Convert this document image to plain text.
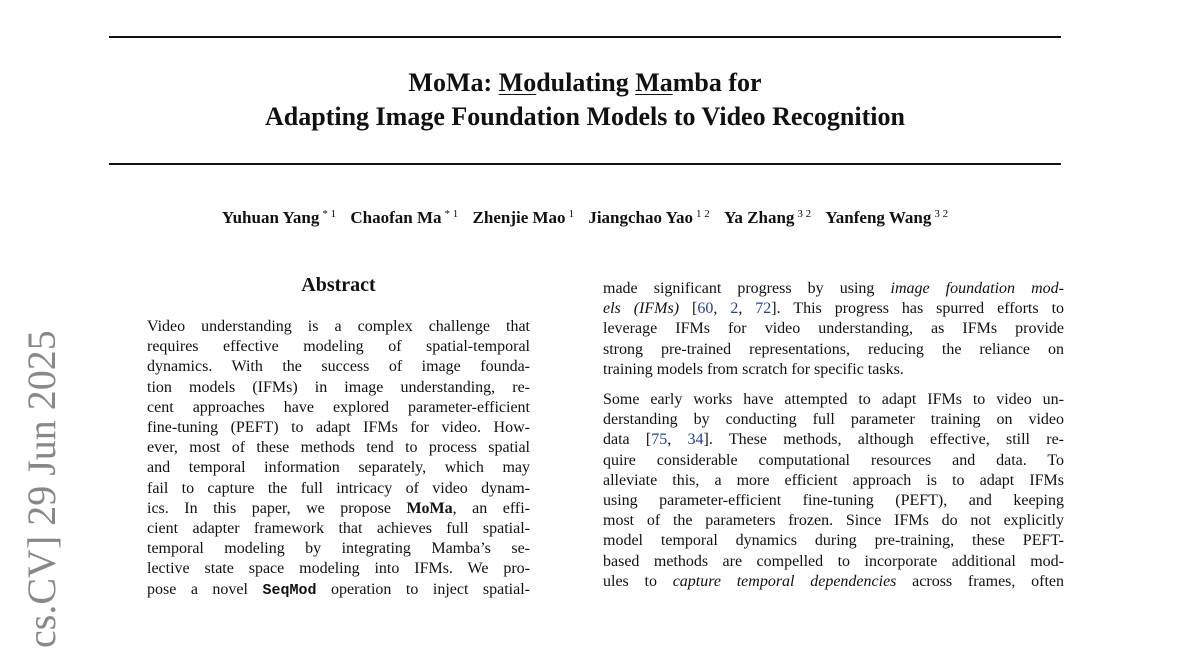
MoMa: Modulating Mamba for
Adapting Image Foundation Models to Video Recognition
Yuhuan Yang $^{* 1}$ Chaofan Ma $^{* 1}$ Zhenjie Mao $^1$ Jiangchao Yao $^{1 2}$ Ya Zhang $^{3 2}$ Yanfeng Wang $^{3 2}$
cs.CV] 29 Jun 2025
Abstract
Video understanding is a complex challenge that
requires effective modeling of spatial-temporal
dynamics. With the success of image founda-
tion models (IFMs) in image understanding, re-
cent approaches have explored parameter-efficient
fine-tuning (PEFT) to adapt IFMs for video. How-
ever, most of these methods tend to process spatial
and temporal information separately, which may
fail to capture the full intricacy of video dynam-
ics. In this paper, we propose MoMa, an effi-
cient adapter framework that achieves full spatial-
temporal modeling by integrating Mamba’s se-
lective state space modeling into IFMs. We pro-
pose a novel SeqMod operation to inject spatial-

made significant progress by using image foundation mod-
els (IFMs) [60, 2, 72]. This progress has spurred efforts to
leverage IFMs for video understanding, as IFMs provide
strong pre-trained representations, reducing the reliance on
training models from scratch for specific tasks.

Some early works have attempted to adapt IFMs to video un-
derstanding by conducting full parameter training on video
data [75, 34]. These methods, although effective, still re-
quire considerable computational resources and data. To
alleviate this, a more efficient approach is to adapt IFMs
using parameter-efficient fine-tuning (PEFT), and keeping
most of the parameters frozen. Since IFMs do not explicitly
model temporal dynamics during pre-training, these PEFT-
based methods are compelled to incorporate additional mod-
ules to capture temporal dependencies across frames, often
